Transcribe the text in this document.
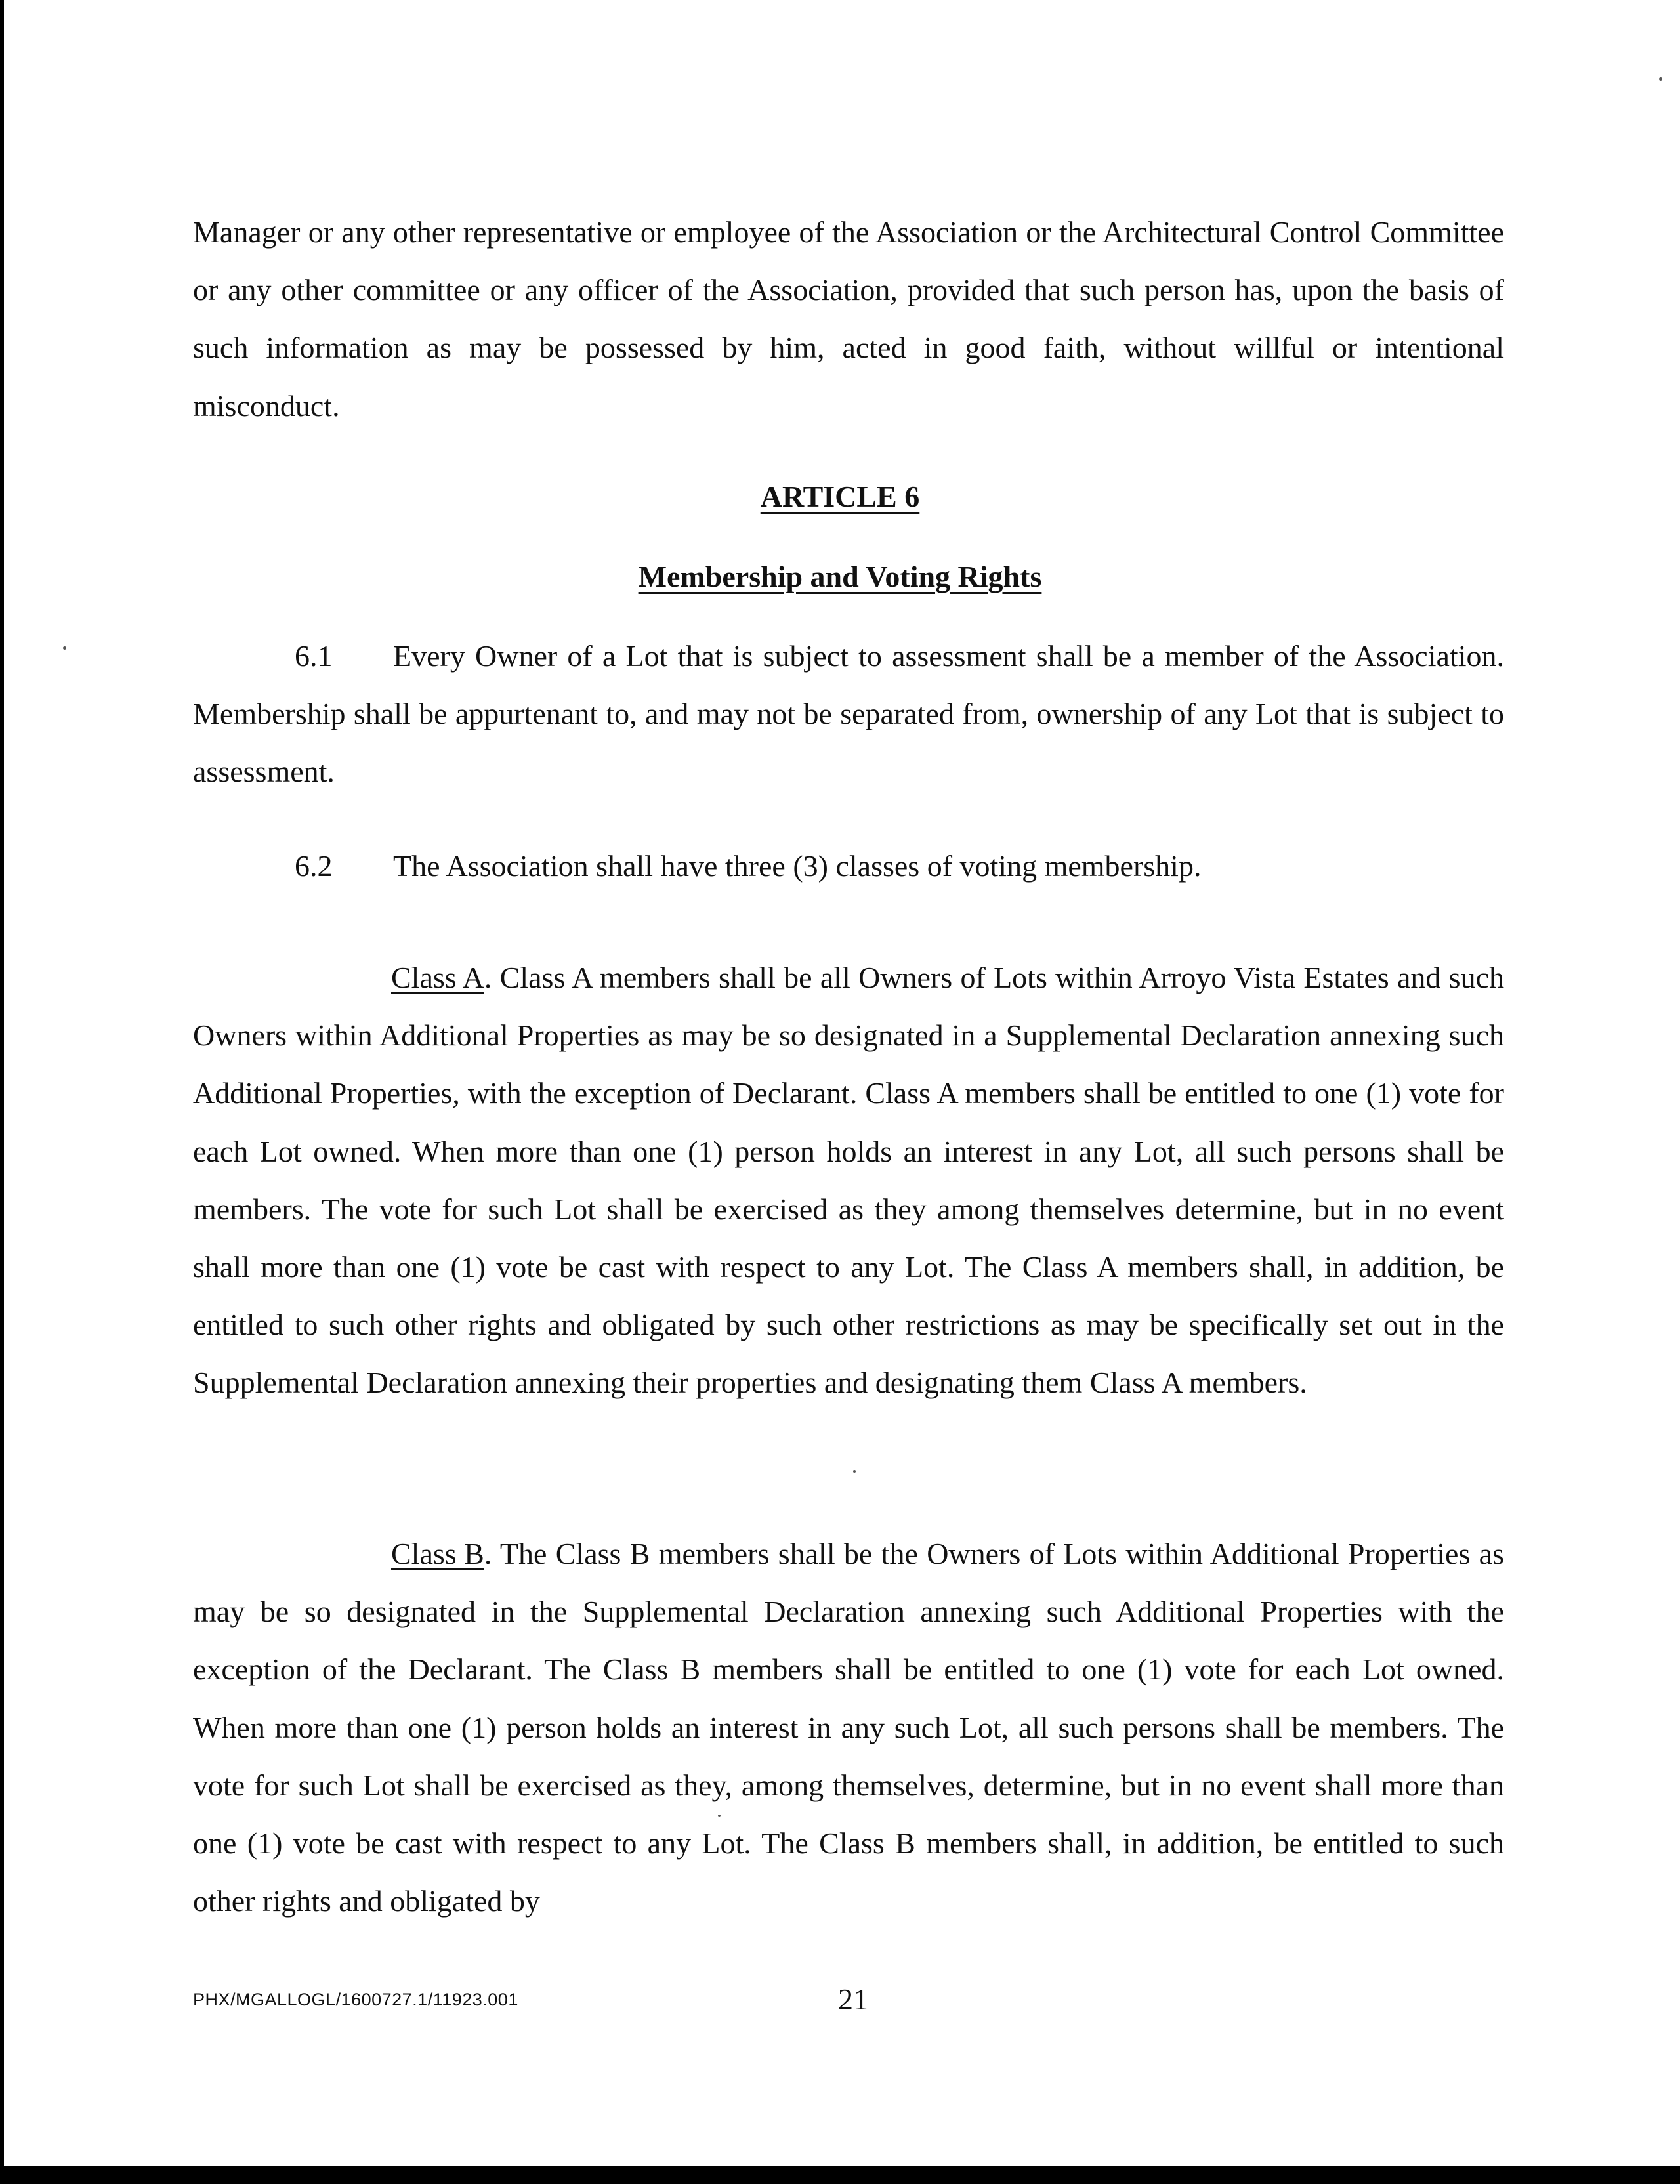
Manager or any other representative or employee of the Association or the Architectural Control Committee or any other committee or any officer of the Association, provided that such person has, upon the basis of such information as may be possessed by him, acted in good faith, without willful or intentional misconduct.

ARTICLE 6

Membership and Voting Rights

6.1 Every Owner of a Lot that is subject to assessment shall be a member of the Association. Membership shall be appurtenant to, and may not be separated from, ownership of any Lot that is subject to assessment.

6.2 The Association shall have three (3) classes of voting membership.

Class A. Class A members shall be all Owners of Lots within Arroyo Vista Estates and such Owners within Additional Properties as may be so designated in a Supplemental Declaration annexing such Additional Properties, with the exception of Declarant. Class A members shall be entitled to one (1) vote for each Lot owned. When more than one (1) person holds an interest in any Lot, all such persons shall be members. The vote for such Lot shall be exercised as they among themselves determine, but in no event shall more than one (1) vote be cast with respect to any Lot. The Class A members shall, in addition, be entitled to such other rights and obligated by such other restrictions as may be specifically set out in the Supplemental Declaration annexing their properties and designating them Class A members.

Class B. The Class B members shall be the Owners of Lots within Additional Properties as may be so designated in the Supplemental Declaration annexing such Additional Properties with the exception of the Declarant. The Class B members shall be entitled to one (1) vote for each Lot owned. When more than one (1) person holds an interest in any such Lot, all such persons shall be members. The vote for such Lot shall be exercised as they, among themselves, determine, but in no event shall more than one (1) vote be cast with respect to any Lot. The Class B members shall, in addition, be entitled to such other rights and obligated by

PHX/MGALLOGL/1600727.1/11923.001	21
